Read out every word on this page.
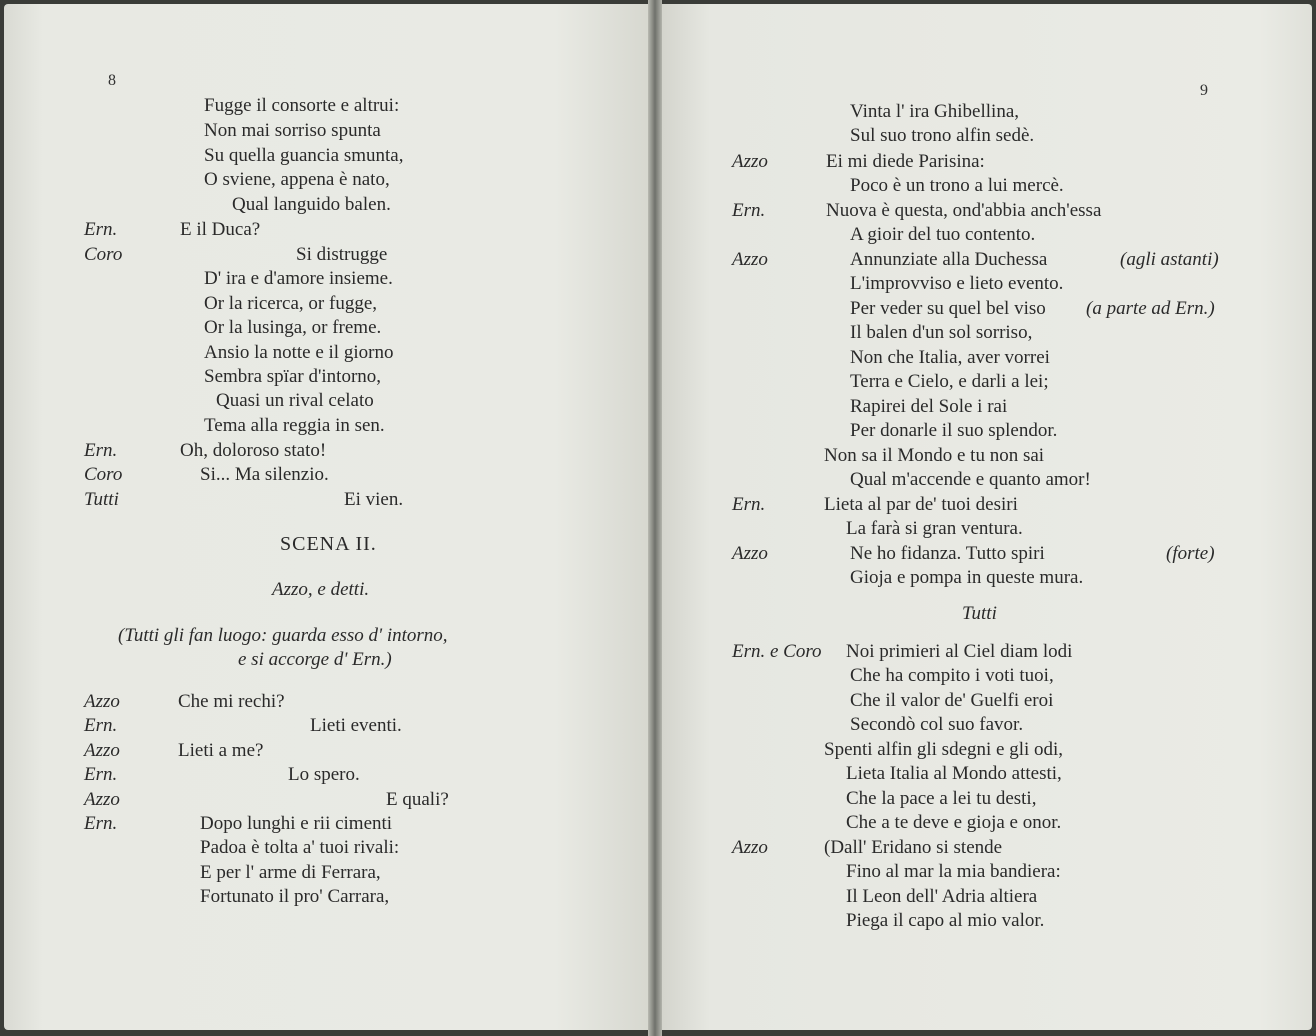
8
Fugge il consorte e altrui:
Non mai sorriso spunta
Su quella guancia smunta,
O sviene, appena è nato,
Qual languido balen.
Ern.	E il Duca?
Coro	Si distrugge
D' ira e d'amore insieme.
Or la ricerca, or fugge,
Or la lusinga, or freme.
Ansio la notte e il giorno
Sembra spïar d'intorno,
Quasi un rival celato
Tema alla reggia in sen.
Ern.	Oh, doloroso stato!
Coro	Si... Ma silenzio.
Tutti	Ei vien.
SCENA II.
Azzo, e detti.
(Tutti gli fan luogo: guarda esso d' intorno,
e si accorge d' Ern.)
Azzo	Che mi rechi?
Ern.	Lieti eventi.
Azzo	Lieti a me?
Ern.	Lo spero.
Azzo	E quali?
Ern.	Dopo lunghi e rii cimenti
Padoa è tolta a' tuoi rivali:
E per l' arme di Ferrara,
Fortunato il pro' Carrara,
9
Vinta l' ira Ghibellina,
Sul suo trono alfin sedè.
Azzo	Ei mi diede Parisina:
Poco è un trono a lui mercè.
Ern.	Nuova è questa, ond'abbia anch'essa
A gioir del tuo contento.
Azzo	Annunziate alla Duchessa	(agli astanti)
L'improvviso e lieto evento.
Per veder su quel bel viso (a parte ad Ern.)
Il balen d'un sol sorriso,
Non che Italia, aver vorrei
Terra e Cielo, e darli a lei;
Rapirei del Sole i rai
Per donarle il suo splendor.
Non sa il Mondo e tu non sai
Qual m'accende e quanto amor!
Ern.	Lieta al par de' tuoi desiri
La farà si gran ventura.
Azzo	Ne ho fidanza. Tutto spiri	(forte)
Gioja e pompa in queste mura.
Tutti
Ern. e Coro Noi primieri al Ciel diam lodi
Che ha compito i voti tuoi,
Che il valor de' Guelfi eroi
Secondò col suo favor.
Spenti alfin gli sdegni e gli odi,
Lieta Italia al Mondo attesti,
Che la pace a lei tu desti,
Che a te deve e gioja e onor.
Azzo	(Dall' Eridano si stende
Fino al mar la mia bandiera:
Il Leon dell' Adria altiera
Piega il capo al mio valor.
